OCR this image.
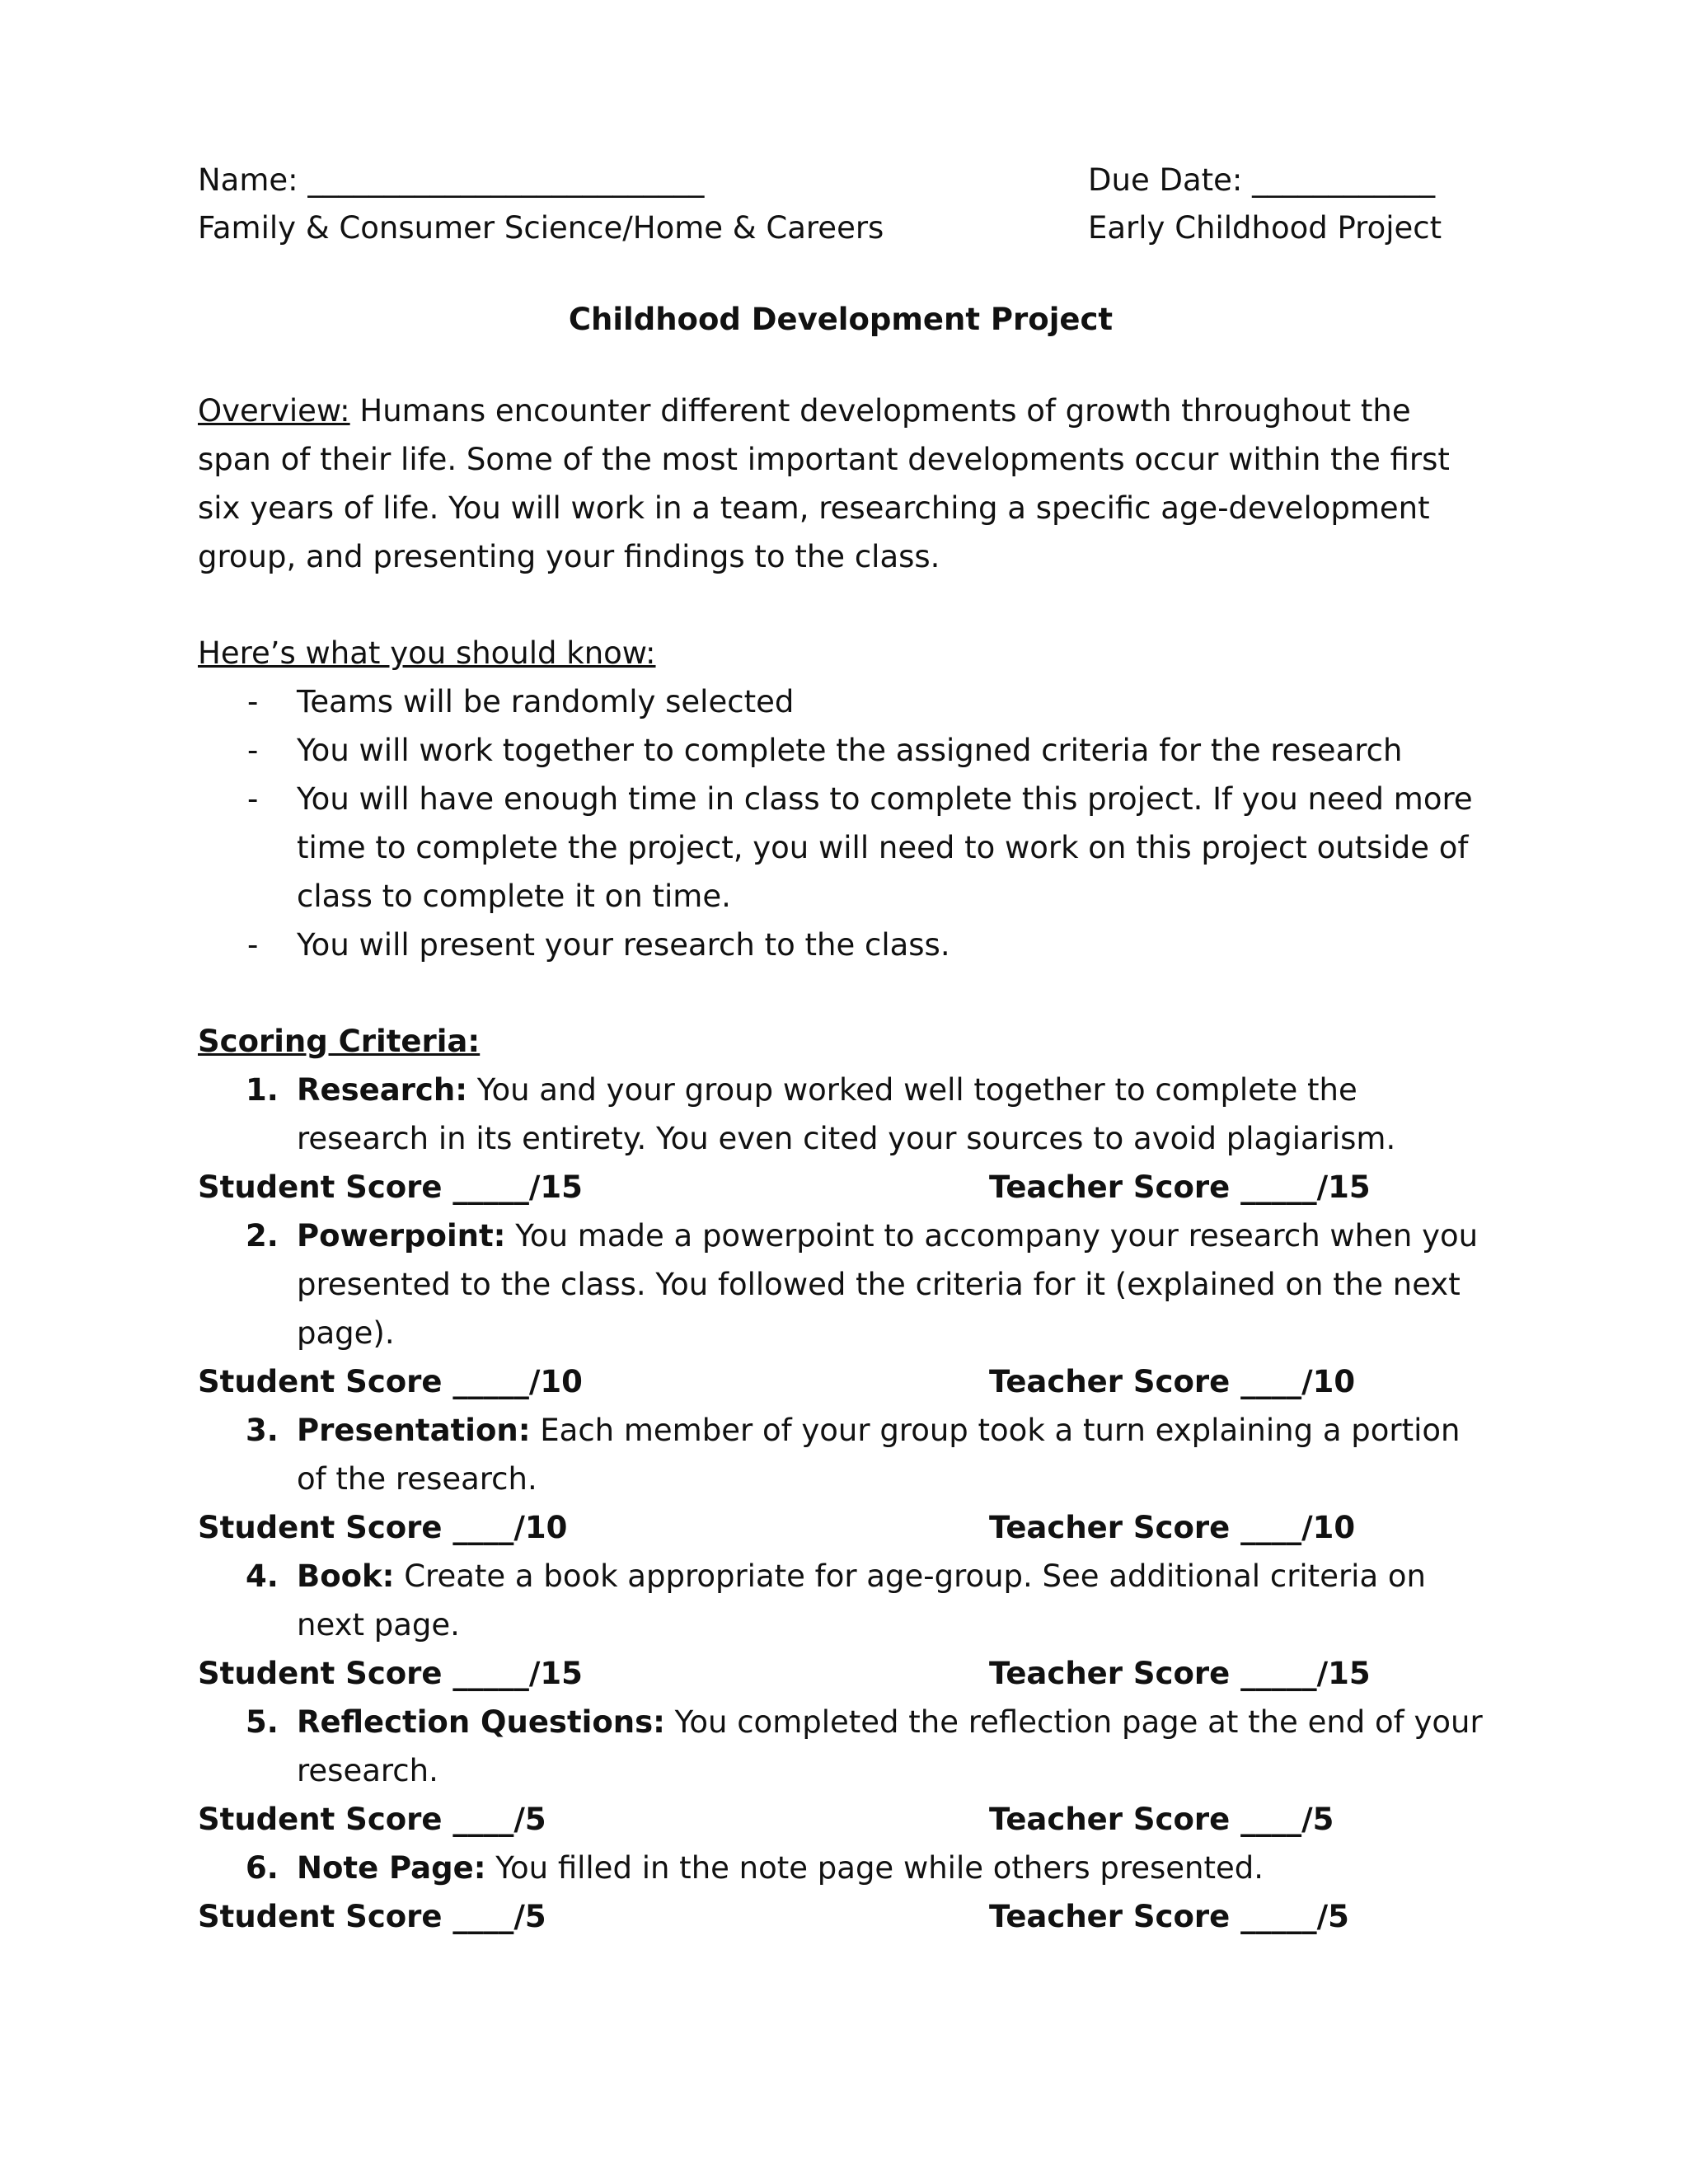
Name: __________________________	Due Date: ____________
Family & Consumer Science/Home & Careers	Early Childhood Project
Childhood Development Project
Overview: Humans encounter different developments of growth throughout the span of their life. Some of the most important developments occur within the first six years of life. You will work in a team, researching a specific age-development group, and presenting your findings to the class.
Here’s what you should know:
- Teams will be randomly selected
- You will work together to complete the assigned criteria for the research
- You will have enough time in class to complete this project. If you need more time to complete the project, you will need to work on this project outside of class to complete it on time.
- You will present your research to the class.
Scoring Criteria:
1. Research: You and your group worked well together to complete the research in its entirety. You even cited your sources to avoid plagiarism.
Student Score _____/15	Teacher Score _____/15
2. Powerpoint: You made a powerpoint to accompany your research when you presented to the class. You followed the criteria for it (explained on the next page).
Student Score _____/10	Teacher Score ____/10
3. Presentation: Each member of your group took a turn explaining a portion of the research.
Student Score ____/10	Teacher Score ____/10
4. Book: Create a book appropriate for age-group. See additional criteria on next page.
Student Score _____/15	Teacher Score _____/15
5. Reflection Questions: You completed the reflection page at the end of your research.
Student Score ____/5	Teacher Score ____/5
6. Note Page: You filled in the note page while others presented.
Student Score ____/5	Teacher Score _____/5
